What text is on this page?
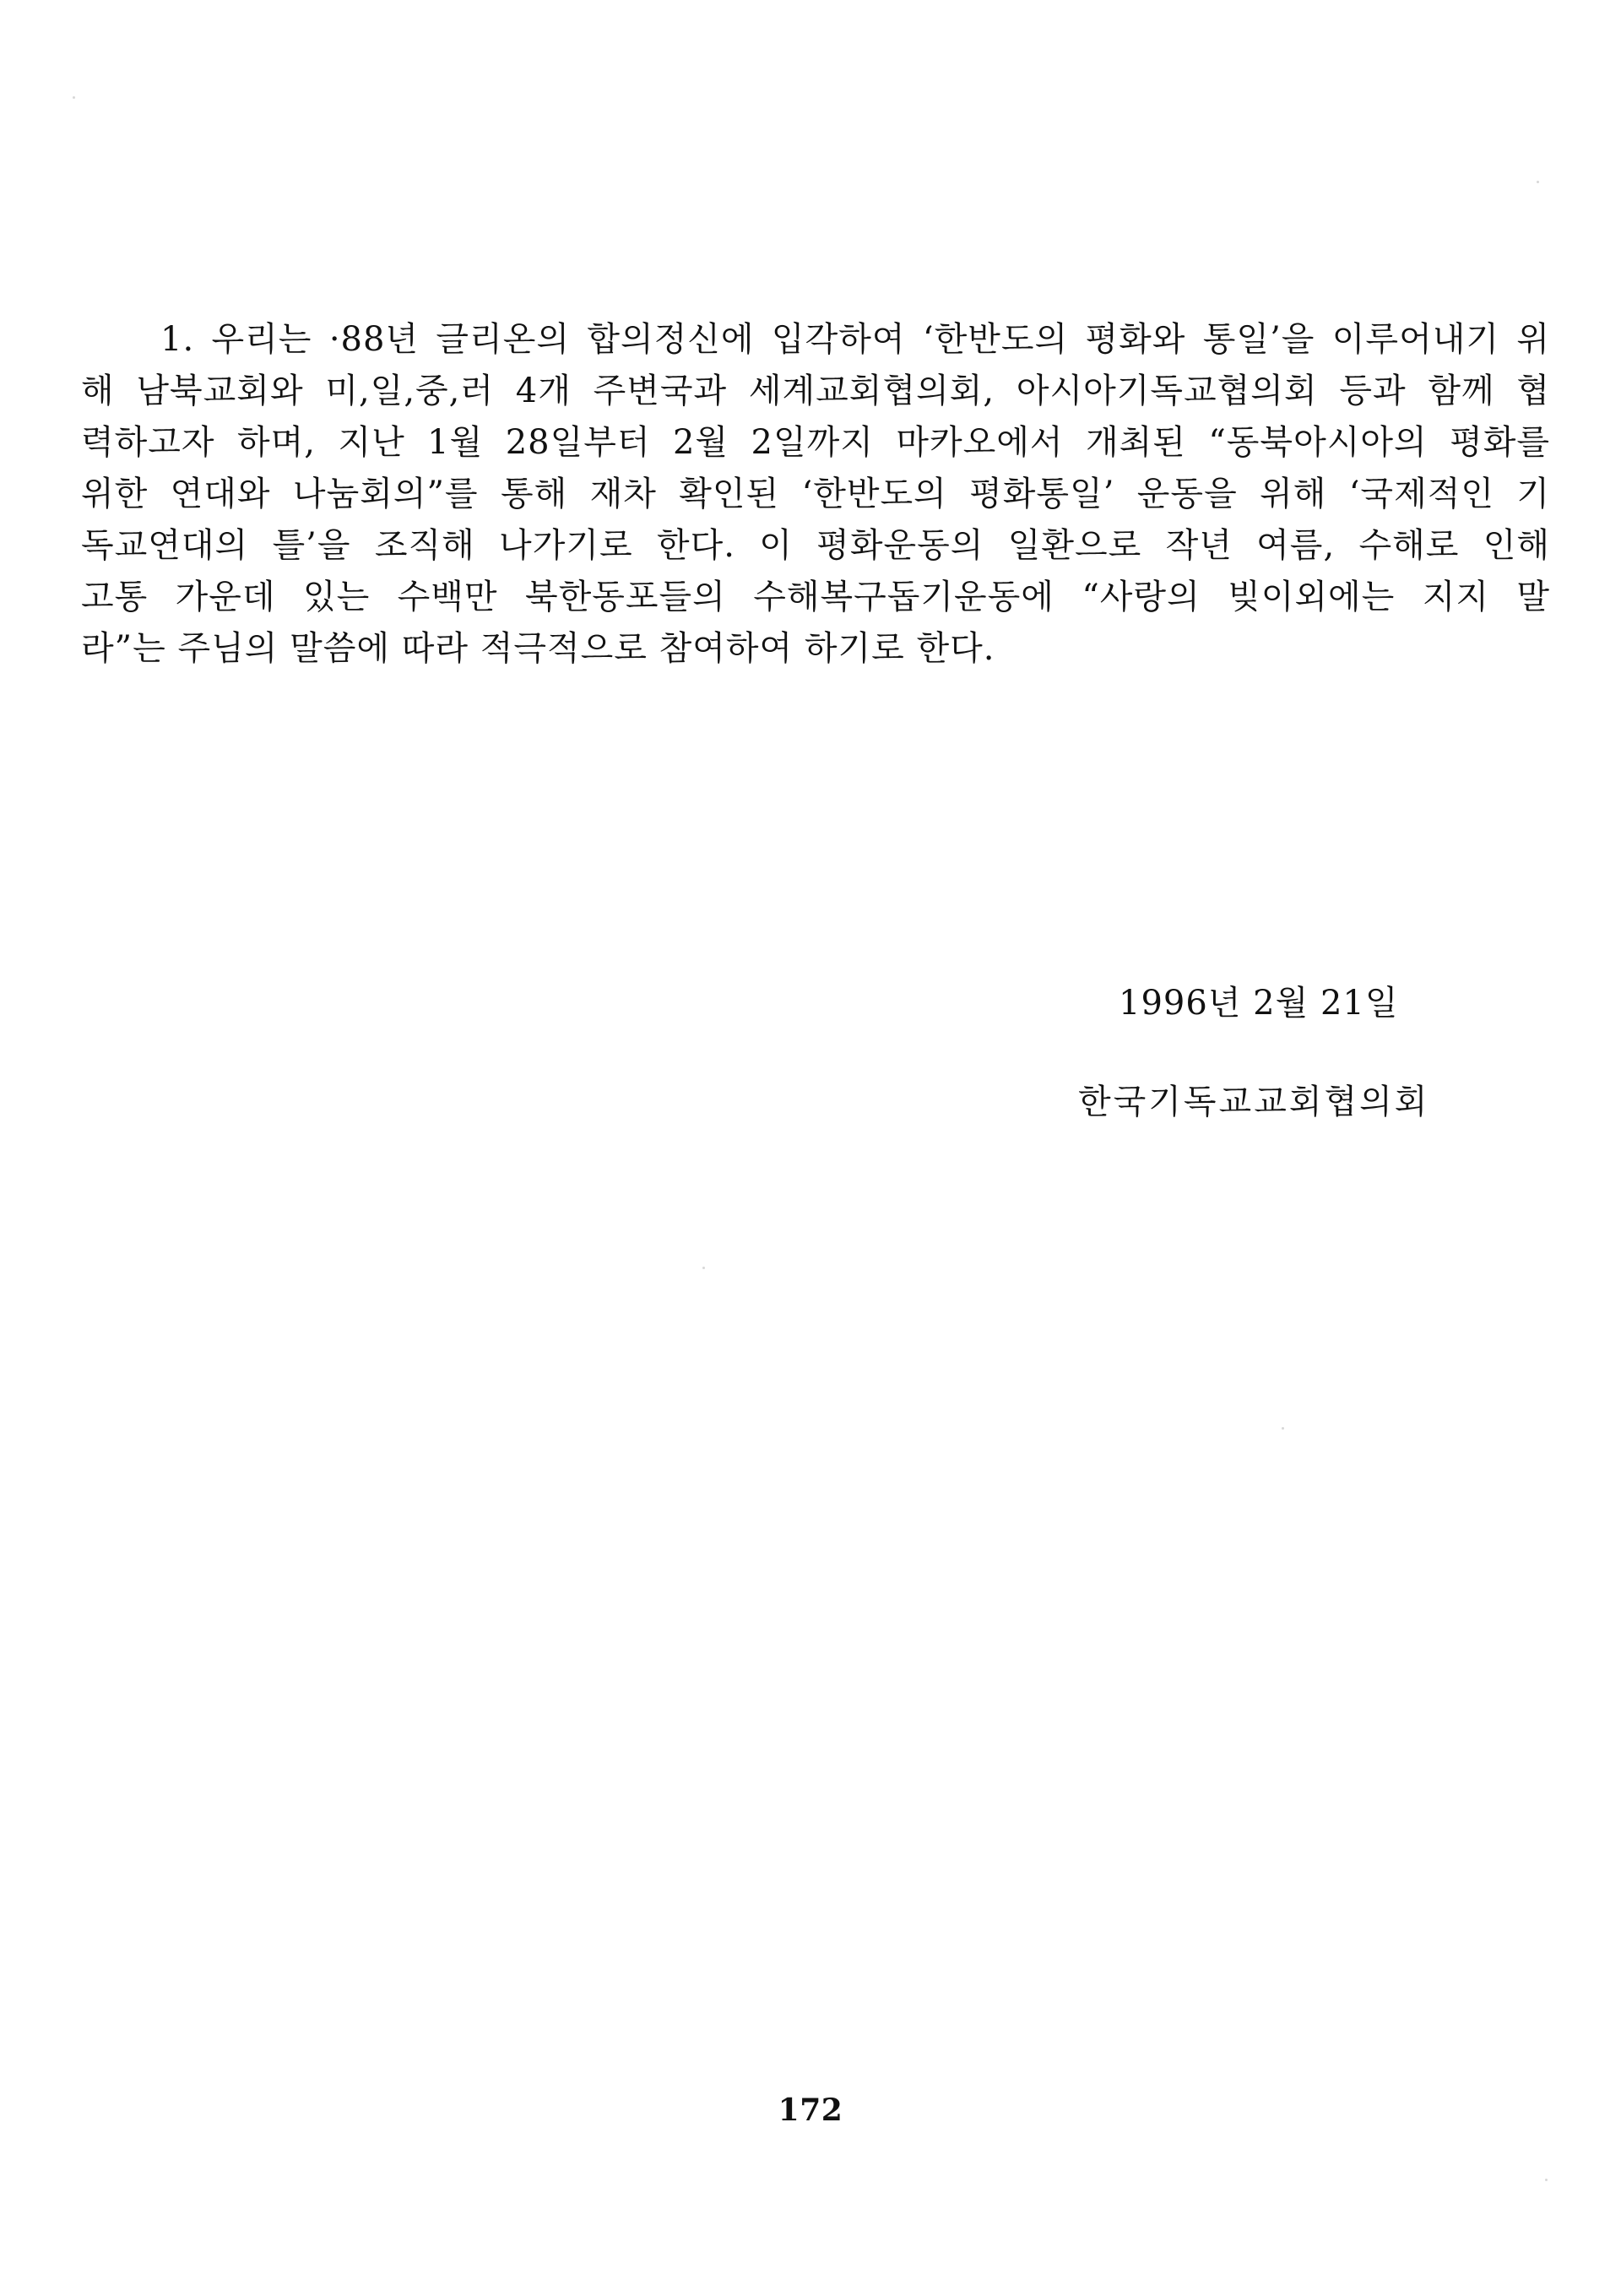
1. 우리는 ·88년 글리온의 합의정신에 입각하여 ‘한반도의 평화와 통일’을 이루어내기 위
해 남북교회와 미,일,중,러 4개 주변국과 세계교회협의회, 아시아기독교협의회 등과 함께 협
력하고자 하며, 지난 1월 28일부터 2월 2일까지 마카오에서 개최된 “동북아시아의 평화를
위한 연대와 나눔회의”를 통해 재차 확인된 ‘한반도의 평화통일’ 운동을 위해 ‘국제적인 기
독교연대의 틀’을 조직해 나가기로 한다. 이 평화운동의 일환으로 작년 여름, 수해로 인해
고통 가운데 있는 수백만 북한동포들의 수해복구돕기운동에 “사랑의 빚이외에는 지지 말
라”는 주님의 말씀에 따라 적극적으로 참여하여 하기로 한다.
1996년 2월 21일
한국기독교교회협의회
172
